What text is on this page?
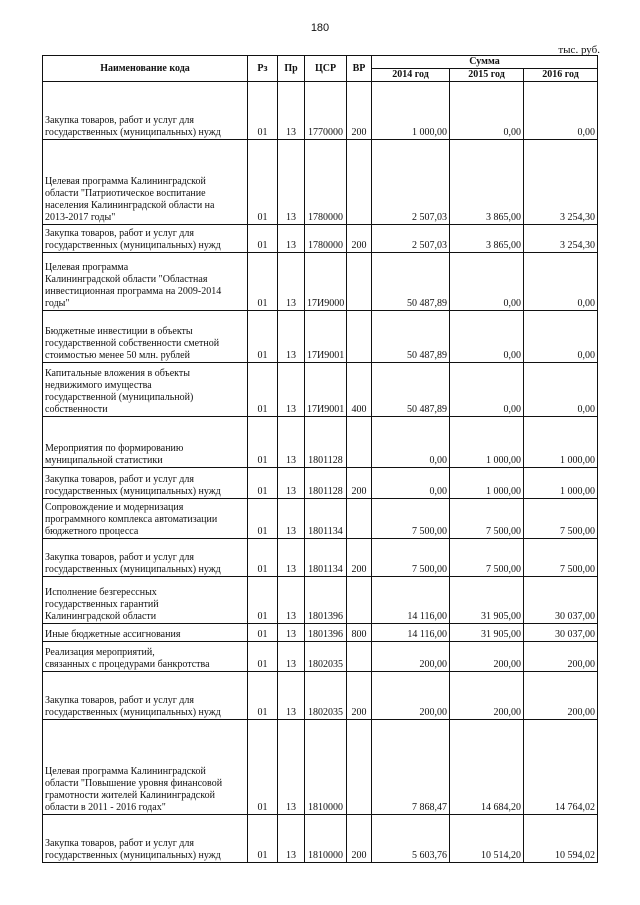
180
тыс. руб.
Наименование кода	Рз	Пр	ЦСР	ВР	Сумма		
					2014 год	2015 год	2016 год

Закупка товаров, работ и услуг для
государственных (муниципальных) нужд	01	13	1770000	200	1 000,00	0,00	0,00

Целевая программа Калининградской
области "Патриотическое воспитание
населения Калининградской области на
2013-2017 годы"	01	13	1780000		2 507,03	3 865,00	3 254,30

Закупка товаров, работ и услуг для
государственных (муниципальных) нужд	01	13	1780000	200	2 507,03	3 865,00	3 254,30

Целевая программа
Калининградской области "Областная
инвестиционная программа на 2009-2014
годы"	01	13	17И9000		50 487,89	0,00	0,00

Бюджетные инвестиции в объекты
государственной собственности сметной
стоимостью менее 50 млн. рублей	01	13	17И9001		50 487,89	0,00	0,00

Капитальные вложения в объекты
недвижимого имущества
государственной (муниципальной)
собственности	01	13	17И9001	400	50 487,89	0,00	0,00

Мероприятия по формированию
муниципальной статистики	01	13	1801128		0,00	1 000,00	1 000,00

Закупка товаров, работ и услуг для
государственных (муниципальных) нужд	01	13	1801128	200	0,00	1 000,00	1 000,00

Сопровождение и модернизация
программного комплекса автоматизации
бюджетного процесса	01	13	1801134		7 500,00	7 500,00	7 500,00

Закупка товаров, работ и услуг для
государственных (муниципальных) нужд	01	13	1801134	200	7 500,00	7 500,00	7 500,00

Исполнение безгерессных
государственных гарантий
Калининградской области	01	13	1801396		14 116,00	31 905,00	30 037,00

Иные бюджетные ассигнования	01	13	1801396	800	14 116,00	31 905,00	30 037,00

Реализация мероприятий,
связанных с процедурами банкротства	01	13	1802035		200,00	200,00	200,00

Закупка товаров, работ и услуг для
государственных (муниципальных) нужд	01	13	1802035	200	200,00	200,00	200,00

Целевая программа Калининградской
области "Повышение уровня финансовой
грамотности жителей Калининградской
области в 2011 - 2016 годах"	01	13	1810000		7 868,47	14 684,20	14 764,02

Закупка товаров, работ и услуг для
государственных (муниципальных) нужд	01	13	1810000	200	5 603,76	10 514,20	10 594,02
